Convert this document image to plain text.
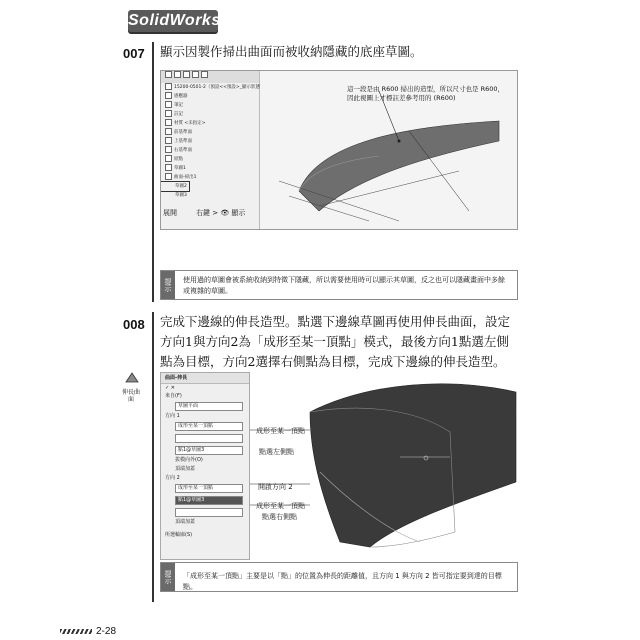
SolidWorks
007 顯示因製作掃出曲面而被收納隱藏的底座草圖。
15200-0501-2（預設<<預設>_顯示狀態
感應器
筆記
註記
材質 <未指定>
前基準面
上基準面
右基準面
原點
草圖1
曲面-掃出1
草圖2
草圖3
這一段是由 R600 掃出的造型，所以尺寸也是 R600，因此視圖上才標註差參考用的 (R600)
展開	右鍵 > 👁 顯示
提示	使用過的草圖會被系統收納到特徵下隱藏，所以需要使用時可以顯示其草圖，反之也可以隱藏畫面中多餘或複雜的草圖。
008 完成下邊線的伸長造型。點選下邊線草圖再使用伸長曲面，設定方向1與方向2為「成形至某一頂點」模式，最後方向1點選左側點為目標，方向2選擇右側點為目標，完成下邊線的伸長造型。
伸長曲面
曲面-伸長
✓ ✕
來自(F)
草圖平面
方向 1
成形至某一頂點
點1@草圖3
拔模向外(O)
頂端加蓋
方向 2
成形至某一頂點
點1@草圖3
頂端加蓋
所選輪廓(S)
成形至某一頂點
點選左側點
開啟方向 2
成形至某一頂點
點選右側點
提示	「成形至某一頂點」主要是以「點」的位置為伸長的距離值，且方向 1 與方向 2 皆可指定要到達的目標點。
2-28
